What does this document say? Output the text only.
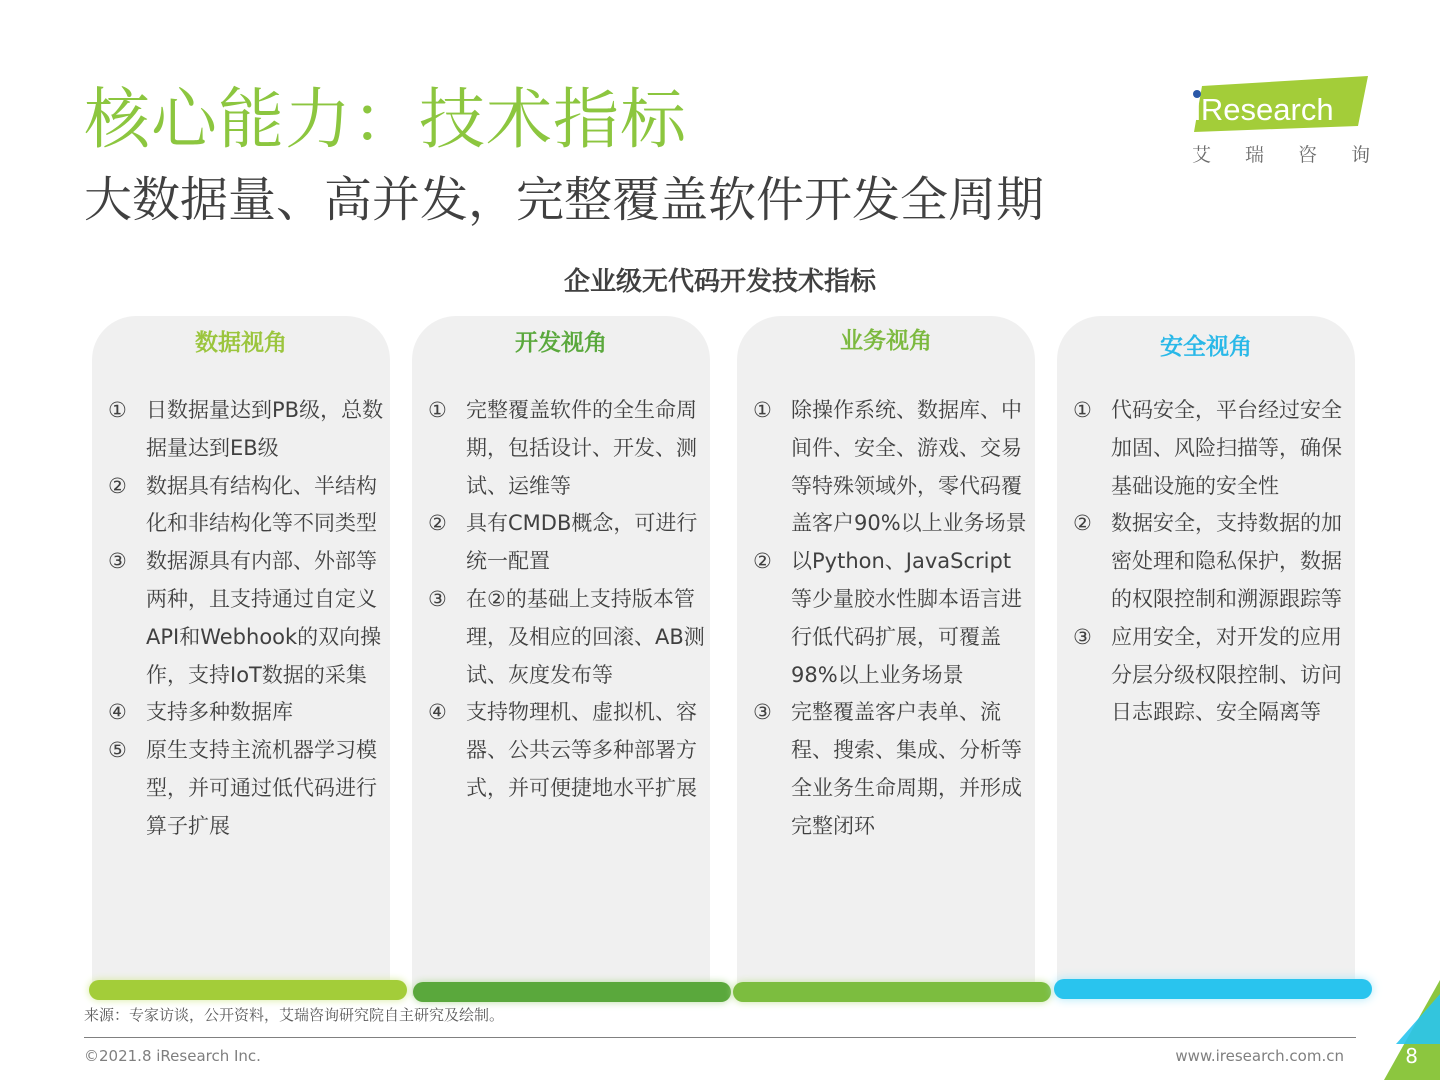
核心能力：技术指标
大数据量、高并发，完整覆盖软件开发全周期
iResearch
艾瑞咨询
企业级无代码开发技术指标
数据视角
① 日数据量达到PB级，总数据量达到EB级
② 数据具有结构化、半结构化和非结构化等不同类型
③ 数据源具有内部、外部等两种，且支持通过自定义API和Webhook的双向操作，支持IoT数据的采集
④ 支持多种数据库
⑤ 原生支持主流机器学习模型，并可通过低代码进行算子扩展
开发视角
① 完整覆盖软件的全生命周期，包括设计、开发、测试、运维等
② 具有CMDB概念，可进行统一配置
③ 在②的基础上支持版本管理，及相应的回滚、AB测试、灰度发布等
④ 支持物理机、虚拟机、容器、公共云等多种部署方式，并可便捷地水平扩展
业务视角
① 除操作系统、数据库、中间件、安全、游戏、交易等特殊领域外，零代码覆盖客户90%以上业务场景
② 以Python、JavaScript等少量胶水性脚本语言进行低代码扩展，可覆盖98%以上业务场景
③ 完整覆盖客户表单、流程、搜索、集成、分析等全业务生命周期，并形成完整闭环
安全视角
① 代码安全，平台经过安全加固、风险扫描等，确保基础设施的安全性
② 数据安全，支持数据的加密处理和隐私保护，数据的权限控制和溯源跟踪等
③ 应用安全，对开发的应用分层分级权限控制、访问日志跟踪、安全隔离等
来源：专家访谈，公开资料，艾瑞咨询研究院自主研究及绘制。
©2021.8 iResearch Inc.	www.iresearch.com.cn	8
